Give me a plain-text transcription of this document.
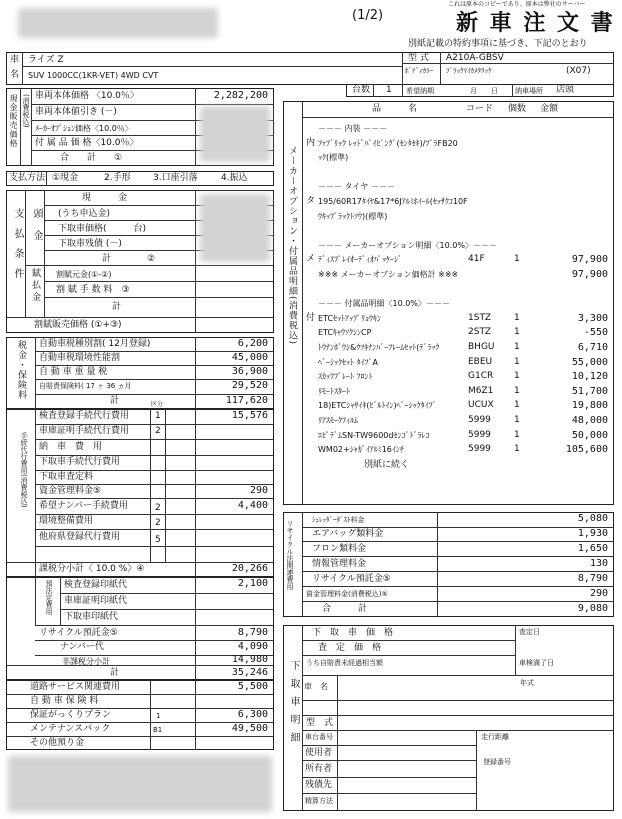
(1/2)
これは原本のコピーであり、原本は弊社のサーバー
新 車 注 文 書
別紙記載の特約事項に基づき、下記のとおり
車
名
ライズ Z
SUV 1000CC(1KR-VET) 4WD CVT
型 式 A210A-GBSV
ﾎﾞﾃﾞｨｶﾗｰ ﾌﾞﾗｯｸﾏｲｶﾒﾀﾘｯｸ	(X07)
台数 1 希望納期	月　　日 納車場所 店頭
現金販売価格 (消費税込) 車両本体価格 〈10.0％〉	2,282,200
車両本体値引き (－)
ﾒｰｶｰｵﾌﾟｼｮﾝ価格〈10.0％〉
付 属 品 価 格〈10.0％〉
合　　計　　①
支払方法 ①現金	2.手形 3.口座引落	4.振込
支払条件 頭金
賦払金
現　　　金
(うち申込金)
下取車価格(　　　台)
下取車残債 (－)
計　　　　②
割賦元金(①-②)
割 賦 手 数 料　③
計
割賦販売価格 (①+③)
税金・保険料 自動車税種別割( 12月登録)	6,200
自動車税環境性能割	45,000
自 動 車 重 量 税	36,900
自賠責保険料( 17 ヶ 36 ヵ月	29,520
計	117,620
手続代行費用(消費税込)
区分
検査登録手続代行費用	1	15,576
車庫証明手続代行費用	2
納　車　費　用
下取車手続代行費用
下取車査定料
資金管理料金⑤	290
希望ナンバー手続費用	2	4,400
環境整備費用	2
他府県登録代行費用	5
課税分小計〈 10.0 %〉④	20,266
預法定費用 検査登録印紙代	2,100
車庫証明印紙代
下取車印紙代
リサイクル預託金⑤	8,790
ナンバー代	4,090
非課税分小計	14,980
計	35,246
道路サービス関連費用	5,500
自 動 車 保 険 料
保証がっくりプラン	1	6,300
メンテナンスパック	B1	49,500
その他預り金
メーカーオプション・付属品明細(消費税込)
品　　　名	コード 個数 金額
－－－ 内装 －－－
内 ﾌｧﾌﾞﾘｯｸ ﾚｯﾄﾞﾊﾟｲﾋﾟﾝｸﾞ(ｾﾝﾀｾｷ)/ﾌﾞﾗFB20
ｯｸ(標準)
－－－ タイヤ －－－
タ 195/60R17ﾀｲﾔ&17*6Jｱﾙﾐﾎｲｰﾙ(ｾｯｻｸｺ10F
ｳｷｯﾌﾟﾗｯｸﾄｿｳ)(標準)
－－－ メーカーオプション明細〈10.0%〉－－－
メ ﾃﾞｨｽﾌﾟﾚｲｵｰﾃﾞｨｵﾊﾟｯｹｰｼﾞ	41F	1	97,900
※※※ メーカーオプション価格計 ※※※	97,900
－－－ 付属品明細〈10.0%〉－－－
付 ETCｾｯﾄｱｯﾌﾟﾘｮｳｷﾝ	1STZ	1	3,300
ETCｷｬｳｿｸｼﾝCP	2STZ	1	-550
ﾄｳﾅﾝﾎﾞｳｼ&ｳﾂｷﾅﾝﾊﾞｰﾌﾚｰﾑｾｯﾄ(ﾃﾞﾗｯｸ	BHGU 1	6,710
ﾍﾞｰｼｯｸｾｯﾄ ﾀｲﾌﾟA	EBEU 1	55,000
ｽｶｯﾌﾌﾟﾚｰﾄ ﾌﾛﾝﾄ	G1CR 1	10,120
ﾘﾓｰﾄｽﾀｰﾄ	M6Z1 1	51,700
18)ETCｼｬｻｲｷ(ﾋﾞﾙﾄｲﾝ)ﾍﾞｰｼｯｸﾀｲﾌﾟ	UCUX 1	19,800
ﾘｱｽﾓｰｸﾌｨﾙﾑ	5999	1	48,000
ｴﾋﾟﾃﾞﾑSN-TW9600dｾﾝｺﾞﾄﾞﾗﾚｺ	5999	1	50,000
WM02+ｼｬｶﾞｲｱﾙﾐ16ｲﾝﾁ	5999	1	105,600
別紙に続く
リサイクル法関連費用	ｼｭﾚｯﾀﾞｰﾀﾞｽﾄ料金	5,080
エアバッグ類料金	1,930
フロン類料金	1,650
情報管理料金	130
リサイクル預託金⑤	8,790
資金管理料金(消費税込)⑤	290
合　　　計	9,080
下取車明細
下　取　車　価　格
査　定　価　格
うち自賠責未経過相当額
査定日
車検満了日
車　名	年式
型　式
車台番号	走行距離
使用者
登録番号
所有者
残債先
精算方法
